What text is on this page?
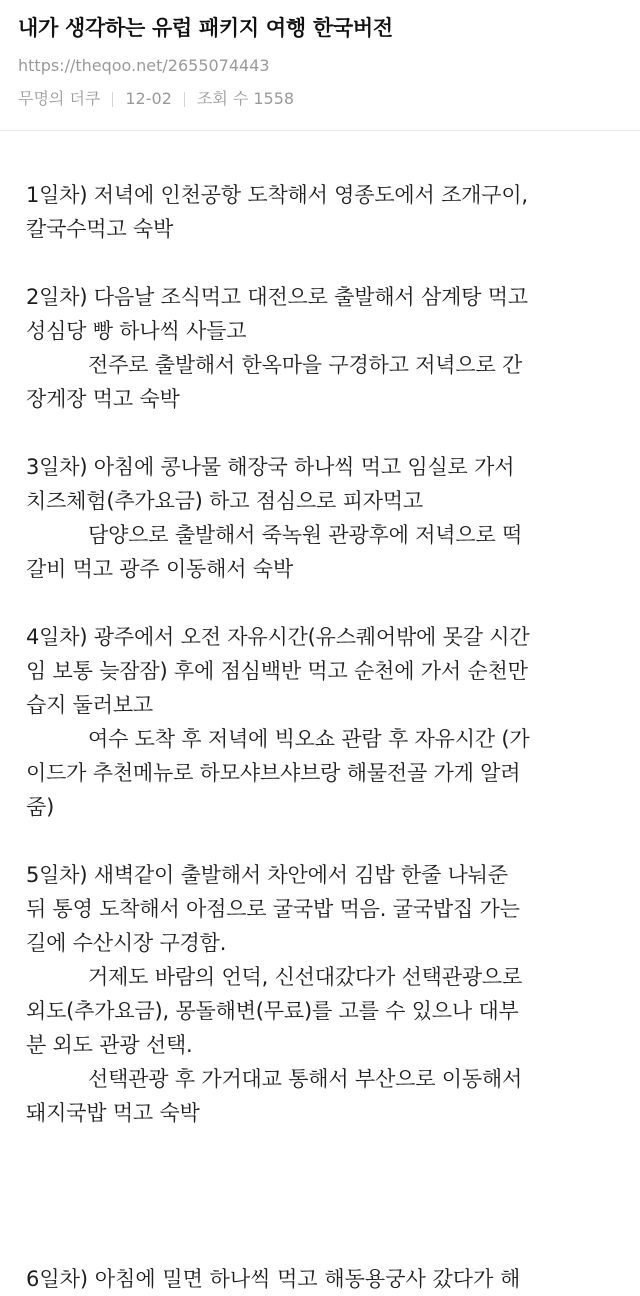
내가 생각하는 유럽 패키지 여행 한국버전
https://theqoo.net/2655074443
무명의 더쿠 12-02 조회 수 1558
1일차) 저녁에 인천공항 도착해서 영종도에서 조개구이,
칼국수먹고 숙박
2일차) 다음날 조식먹고 대전으로 출발해서 삼계탕 먹고
성심당 빵 하나씩 사들고
전주로 출발해서 한옥마을 구경하고 저녁으로 간
장게장 먹고 숙박
3일차) 아침에 콩나물 해장국 하나씩 먹고 임실로 가서
치즈체험(추가요금) 하고 점심으로 피자먹고
담양으로 출발해서 죽녹원 관광후에 저녁으로 떡
갈비 먹고 광주 이동해서 숙박
4일차) 광주에서 오전 자유시간(유스퀘어밖에 못갈 시간
임 보통 늦잠잠) 후에 점심백반 먹고 순천에 가서 순천만
습지 둘러보고
여수 도착 후 저녁에 빅오쇼 관람 후 자유시간 (가
이드가 추천메뉴로 하모샤브샤브랑 해물전골 가게 알려
줌)
5일차) 새벽같이 출발해서 차안에서 김밥 한줄 나눠준
뒤 통영 도착해서 아점으로 굴국밥 먹음. 굴국밥집 가는
길에 수산시장 구경함.
거제도 바람의 언덕, 신선대갔다가 선택관광으로
외도(추가요금), 몽돌해변(무료)를 고를 수 있으나 대부
분 외도 관광 선택.
선택관광 후 가거대교 통해서 부산으로 이동해서
돼지국밥 먹고 숙박
6일차) 아침에 밀면 하나씩 먹고 해동용궁사 갔다가 해
